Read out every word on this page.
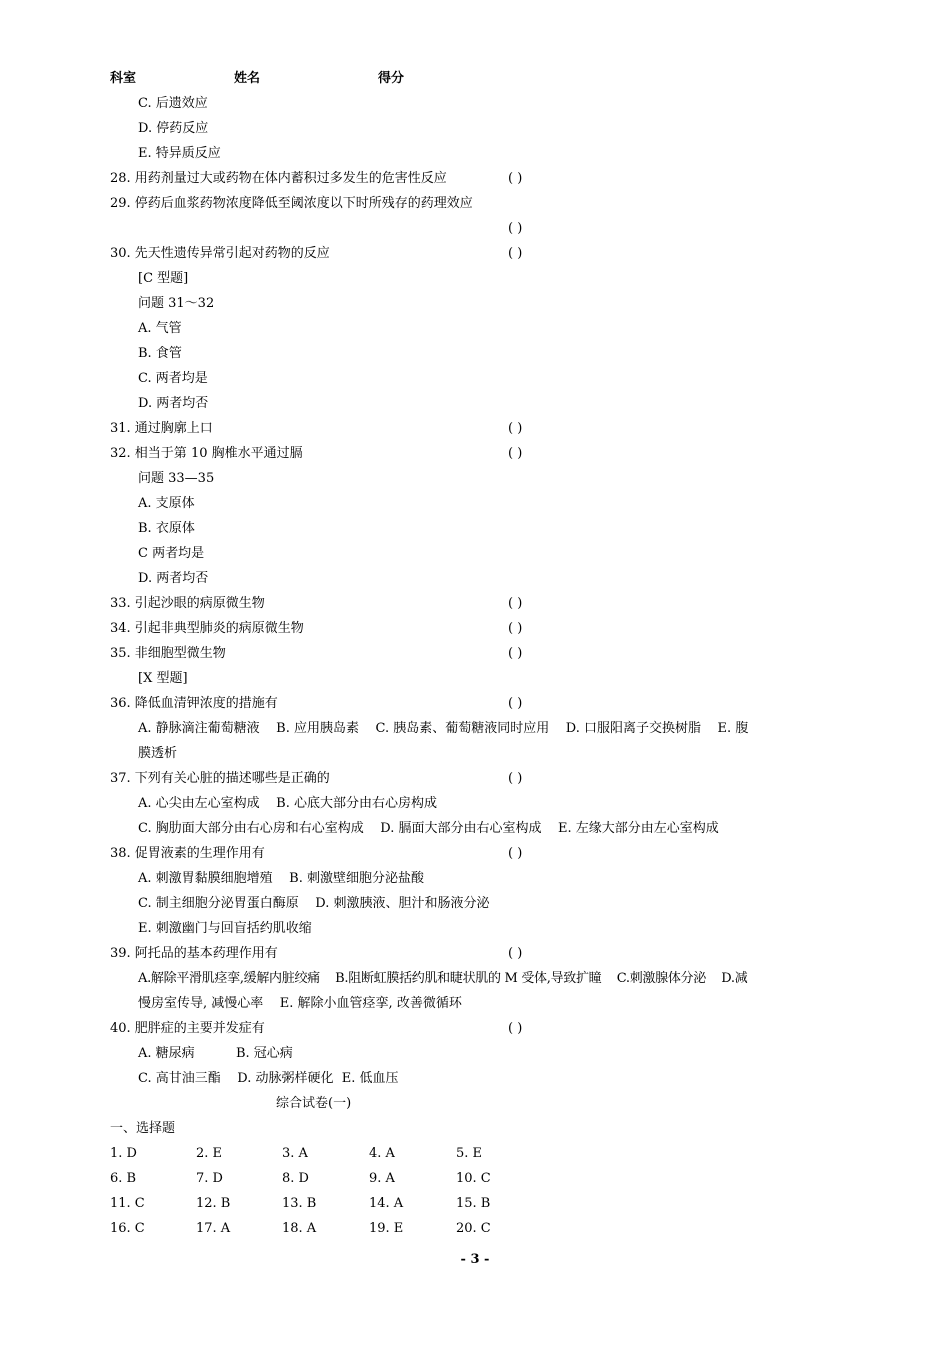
科室	姓名	得分
C. 后遗效应
D. 停药反应
E. 特异质反应
28. 用药剂量过大或药物在体内蓄积过多发生的危害性反应	( )
29. 停药后血浆药物浓度降低至阈浓度以下时所残存的药理效应
( )
30. 先天性遗传异常引起对药物的反应	( )
[C 型题]
问题 31～32
A. 气管
B. 食管
C. 两者均是
D. 两者均否
31. 通过胸廓上口	( )
32. 相当于第 10 胸椎水平通过膈	( )
问题 33—35
A. 支原体
B. 衣原体
C 两者均是
D. 两者均否
33. 引起沙眼的病原微生物	( )
34. 引起非典型肺炎的病原微生物	( )
35. 非细胞型微生物	( )
[X 型题]
36. 降低血清钾浓度的措施有	( )
A. 静脉滴注葡萄糖液    B. 应用胰岛素    C. 胰岛素、葡萄糖液同时应用    D. 口服阳离子交换树脂    E. 腹
膜透析
37. 下列有关心脏的描述哪些是正确的	( )
A. 心尖由左心室构成    B. 心底大部分由右心房构成
C. 胸肋面大部分由右心房和右心室构成    D. 膈面大部分由右心室构成    E. 左缘大部分由左心室构成
38. 促胃液素的生理作用有	( )
A. 刺激胃黏膜细胞增殖    B. 刺激壁细胞分泌盐酸
C. 制主细胞分泌胃蛋白酶原    D. 刺激胰液、胆汁和肠液分泌
E. 刺激幽门与回盲括约肌收缩
39. 阿托品的基本药理作用有	( )
A.解除平滑肌痉挛,缓解内脏绞痛    B.阻断虹膜括约肌和睫状肌的 M 受体,导致扩瞳    C.刺激腺体分泌    D.减
慢房室传导, 减慢心率    E. 解除小血管痉挛, 改善微循环
40. 肥胖症的主要并发症有	( )
A. 糖尿病          B. 冠心病
C. 高甘油三酯    D. 动脉粥样硬化  E. 低血压
综合试卷(一)
一、选择题
1. D	2. E	3. A	4. A	5. E
6. B	7. D	8. D	9. A	10. C
11. C	12. B	13. B	14. A	15. B
16. C	17. A	18. A	19. E	20. C
- 3 -
